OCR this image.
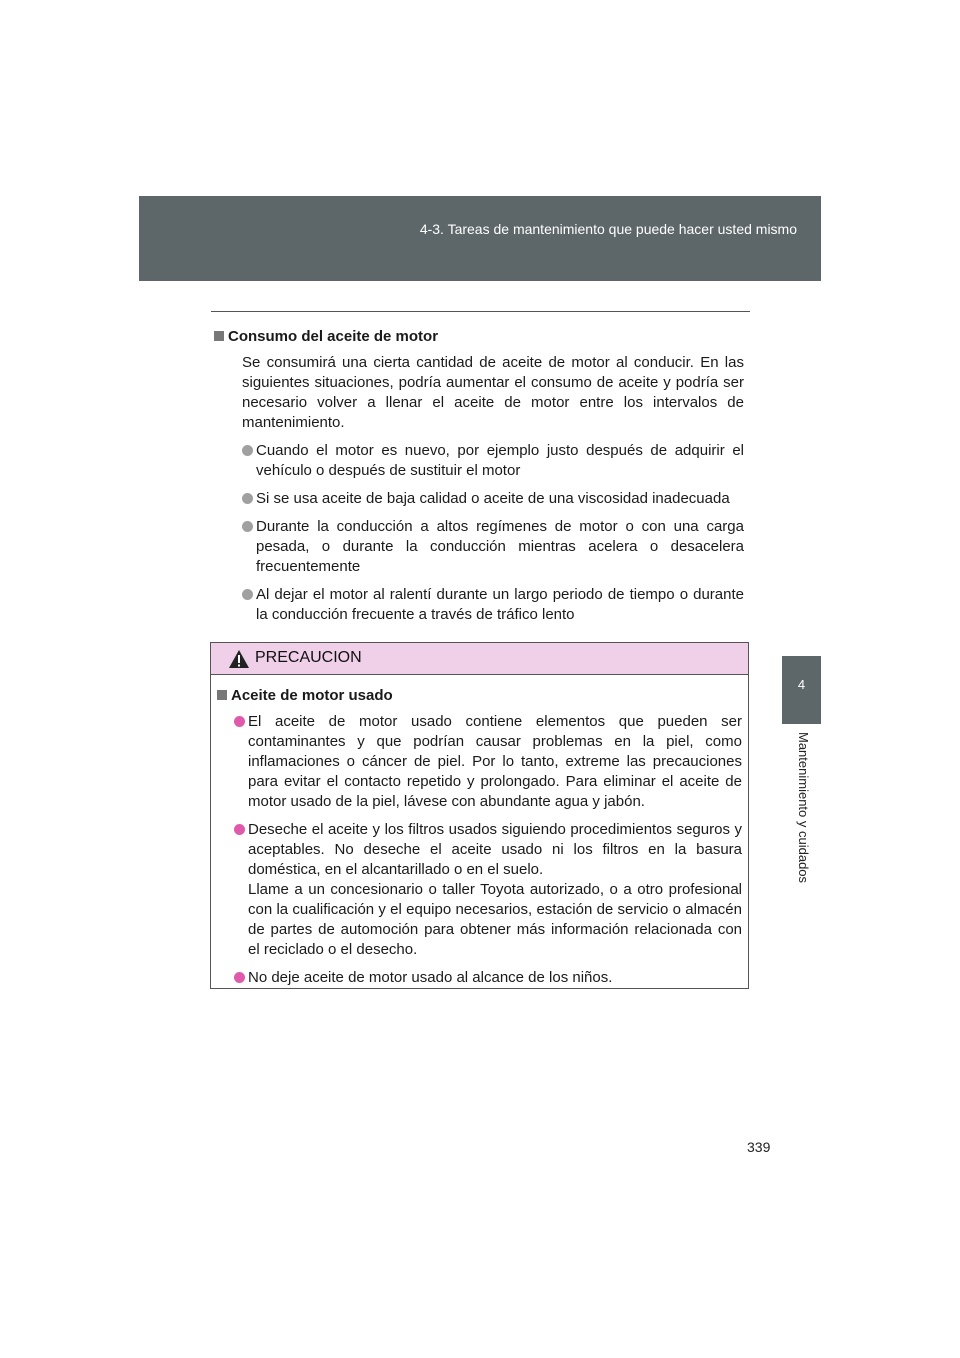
4-3. Tareas de mantenimiento que puede hacer usted mismo
4
Mantenimiento y cuidados
Consumo del aceite de motor
Se consumirá una cierta cantidad de aceite de motor al conducir. En las siguientes situaciones, podría aumentar el consumo de aceite y podría ser necesario volver a llenar el aceite de motor entre los intervalos de mantenimiento.
Cuando el motor es nuevo, por ejemplo justo después de adquirir el vehículo o después de sustituir el motor
Si se usa aceite de baja calidad o aceite de una viscosidad inadecuada
Durante la conducción a altos regímenes de motor o con una carga pesada, o durante la conducción mientras acelera o desacelera frecuentemente
Al dejar el motor al ralentí durante un largo periodo de tiempo o durante la conducción frecuente a través de tráfico lento
PRECAUCION
Aceite de motor usado
El aceite de motor usado contiene elementos que pueden ser contaminantes y que podrían causar problemas en la piel, como inflamaciones o cáncer de piel. Por lo tanto, extreme las precauciones para evitar el contacto repetido y prolongado. Para eliminar el aceite de motor usado de la piel, lávese con abundante agua y jabón.
Deseche el aceite y los filtros usados siguiendo procedimientos seguros y aceptables. No deseche el aceite usado ni los filtros en la basura doméstica, en el alcantarillado o en el suelo.
Llame a un concesionario o taller Toyota autorizado, o a otro profesional con la cualificación y el equipo necesarios, estación de servicio o almacén de partes de automoción para obtener más información relacionada con el reciclado o el desecho.
No deje aceite de motor usado al alcance de los niños.
339
